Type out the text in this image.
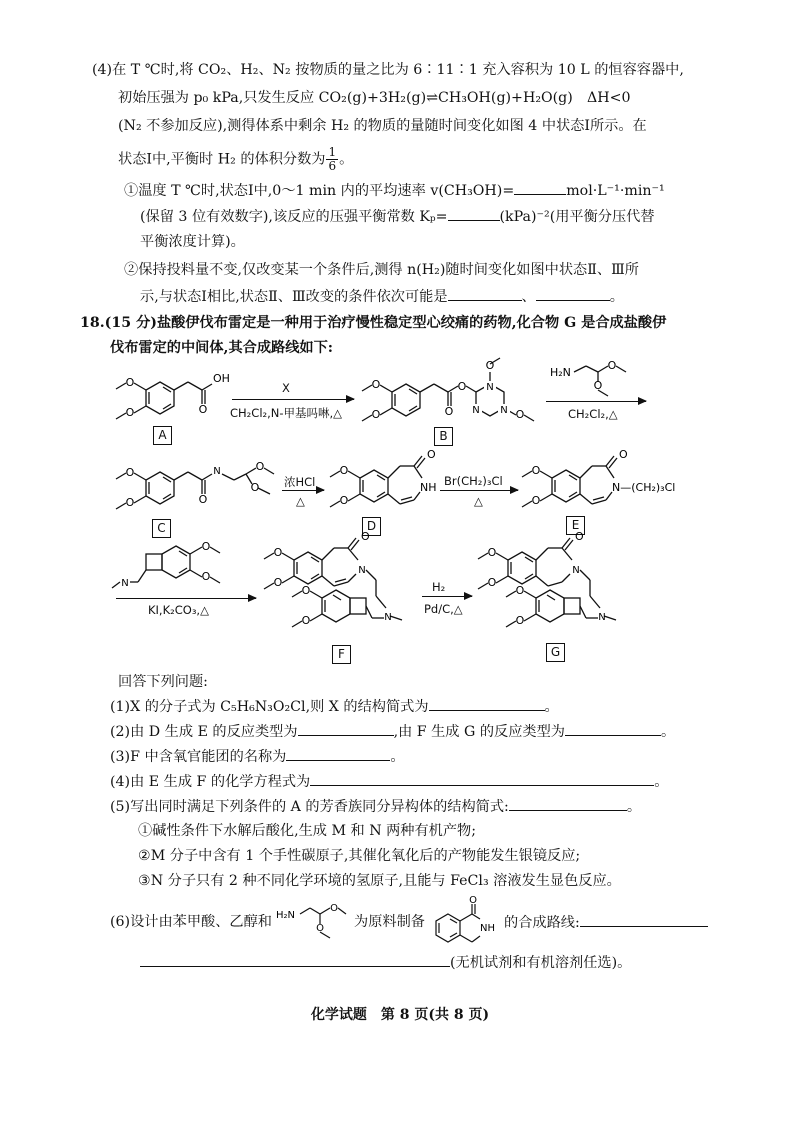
(4)在 T ℃时,将 CO₂、H₂、N₂ 按物质的量之比为 6∶11∶1 充入容积为 10 L 的恒容容器中,
初始压强为 p₀ kPa,只发生反应 CO₂(g)+3H₂(g)⇌CH₃OH(g)+H₂O(g)　ΔH<0
(N₂ 不参加反应),测得体系中剩余 H₂ 的物质的量随时间变化如图 4 中状态Ⅰ所示。在
状态Ⅰ中,平衡时 H₂ 的体积分数为 $\frac{1}{6}$ 。
①温度 T ℃时,状态Ⅰ中,0～1 min 内的平均速率 v(CH₃OH)=	mol·L⁻¹·min⁻¹
(保留 3 位有效数字),该反应的压强平衡常数 Kₚ=	(kPa)⁻²(用平衡分压代替
平衡浓度计算)。
②保持投料量不变,仅改变某一个条件后,测得 n(H₂)随时间变化如图中状态Ⅱ、Ⅲ所
示,与状态Ⅰ相比,状态Ⅱ、Ⅲ改变的条件依次可能是	、	。
18.(15 分)盐酸伊伐布雷定是一种用于治疗慢性稳定型心绞痛的药物,化合物 G 是合成盐酸伊
伐布雷定的中间体,其合成路线如下:
O
O	O
OH
A
X
CH₂Cl₂,N-甲基吗啉,△
N
N
N
O
O	O
O
O
O
B
H₂N
O
O
CH₂Cl₂,△
O
O	O
N	O
O
C
浓HCl
△
O
O
O
NH
D
Br(CH₂)₃Cl
△
O
O
O
N—(CH₂)₃Cl
E
O
O
N
KI,K₂CO₃,△
O
O
O
N
N
O
O
F
H₂
Pd/C,△
O
O
O
N
N
O
O
G
回答下列问题:
(1)X 的分子式为 C₅H₆N₃O₂Cl,则 X 的结构简式为	。
(2)由 D 生成 E 的反应类型为	,由 F 生成 G 的反应类型为	。
(3)F 中含氧官能团的名称为	。
(4)由 E 生成 F 的化学方程式为	。
(5)写出同时满足下列条件的 A 的芳香族同分异构体的结构简式:	。
①碱性条件下水解后酸化,生成 M 和 N 两种有机产物;
②M 分子中含有 1 个手性碳原子,其催化氧化后的产物能发生银镜反应;
③N 分子只有 2 种不同化学环境的氢原子,且能与 FeCl₃ 溶液发生显色反应。
(6)设计由苯甲酸、乙醇和 H₂N
O
O 为原料制备
O
NH 的合成路线:
(无机试剂和有机溶剂任选)。
化学试题　第 8 页(共 8 页)
